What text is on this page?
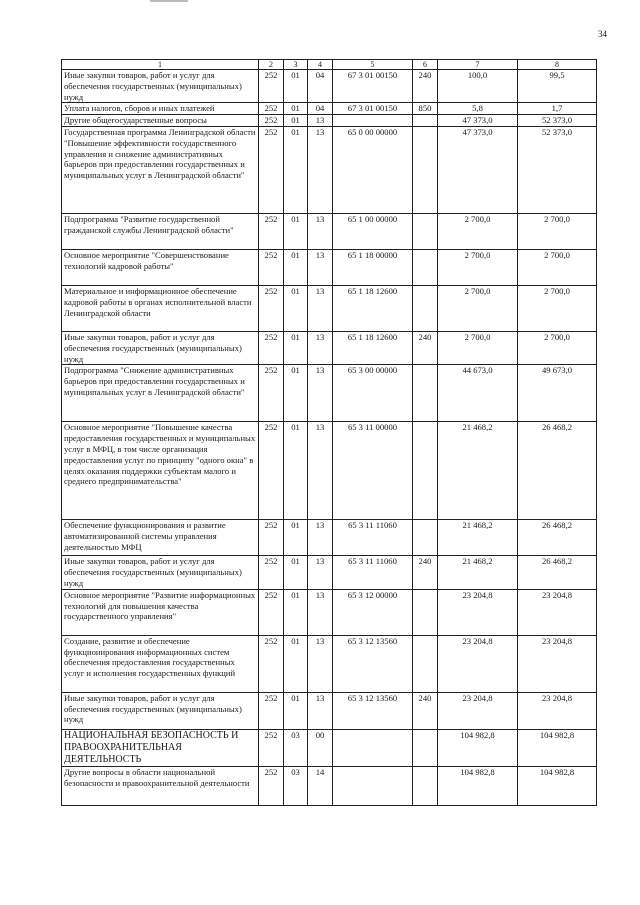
34
1	2	3	4	5	6	7	8
Иные закупки товаров, работ и услуг для обеспечения государственных (муниципальных) нужд	252	01	04	67 3 01 00150	240	100,0	99,5
Уплата налогов, сборов и иных платежей	252	01	04	67 3 01 00150	850	5,8	1,7
Другие общегосударственные вопросы	252	01	13			47 373,0	52 373,0
Государственная программа Ленинградской области "Повышение эффективности государственного управления и снижение административных барьеров при предоставлении государственных и муниципальных услуг в Ленинградской области"	252	01	13	65 0 00 00000		47 373,0	52 373,0
Подпрограмма "Развитие государственной гражданской службы Ленинградской области"	252	01	13	65 1 00 00000		2 700,0	2 700,0
Основное мероприятие "Совершенствование технологий кадровой работы"	252	01	13	65 1 18 00000		2 700,0	2 700,0
Материальное и информационное обеспечение кадровой работы в органах исполнительной власти Ленинградской области	252	01	13	65 1 18 12600		2 700,0	2 700,0
Иные закупки товаров, работ и услуг для обеспечения государственных (муниципальных) нужд	252	01	13	65 1 18 12600	240	2 700,0	2 700,0
Подпрограмма "Снижение административных барьеров при предоставлении государственных и муниципальных услуг в Ленинградской области"	252	01	13	65 3 00 00000		44 673,0	49 673,0
Основное мероприятие "Повышение качества предоставления государственных и муниципальных услуг в МФЦ, в том числе организация предоставления услуг по принципу "одного окна" в целях оказания поддержки субъектам малого и среднего предпринимательства"	252	01	13	65 3 11 00000		21 468,2	26 468,2
Обеспечение функционирования и развитие автоматизированной системы управления деятельностью МФЦ	252	01	13	65 3 11 11060		21 468,2	26 468,2
Иные закупки товаров, работ и услуг для обеспечения государственных (муниципальных) нужд	252	01	13	65 3 11 11060	240	21 468,2	26 468,2
Основное мероприятие "Развитие информационных технологий для повышения качества государственного управления"	252	01	13	65 3 12 00000		23 204,8	23 204,8
Создание, развитие и обеспечение функционирования информационных систем обеспечения предоставления государственных услуг и исполнения государственных функций	252	01	13	65 3 12 13560		23 204,8	23 204,8
Иные закупки товаров, работ и услуг для обеспечения государственных (муниципальных) нужд	252	01	13	65 3 12 13560	240	23 204,8	23 204,8
НАЦИОНАЛЬНАЯ БЕЗОПАСНОСТЬ И ПРАВООХРАНИТЕЛЬНАЯ ДЕЯТЕЛЬНОСТЬ	252	03	00			104 982,8	104 982,8
Другие вопросы в области национальной безопасности и правоохранительной деятельности	252	03	14			104 982,8	104 982,8
